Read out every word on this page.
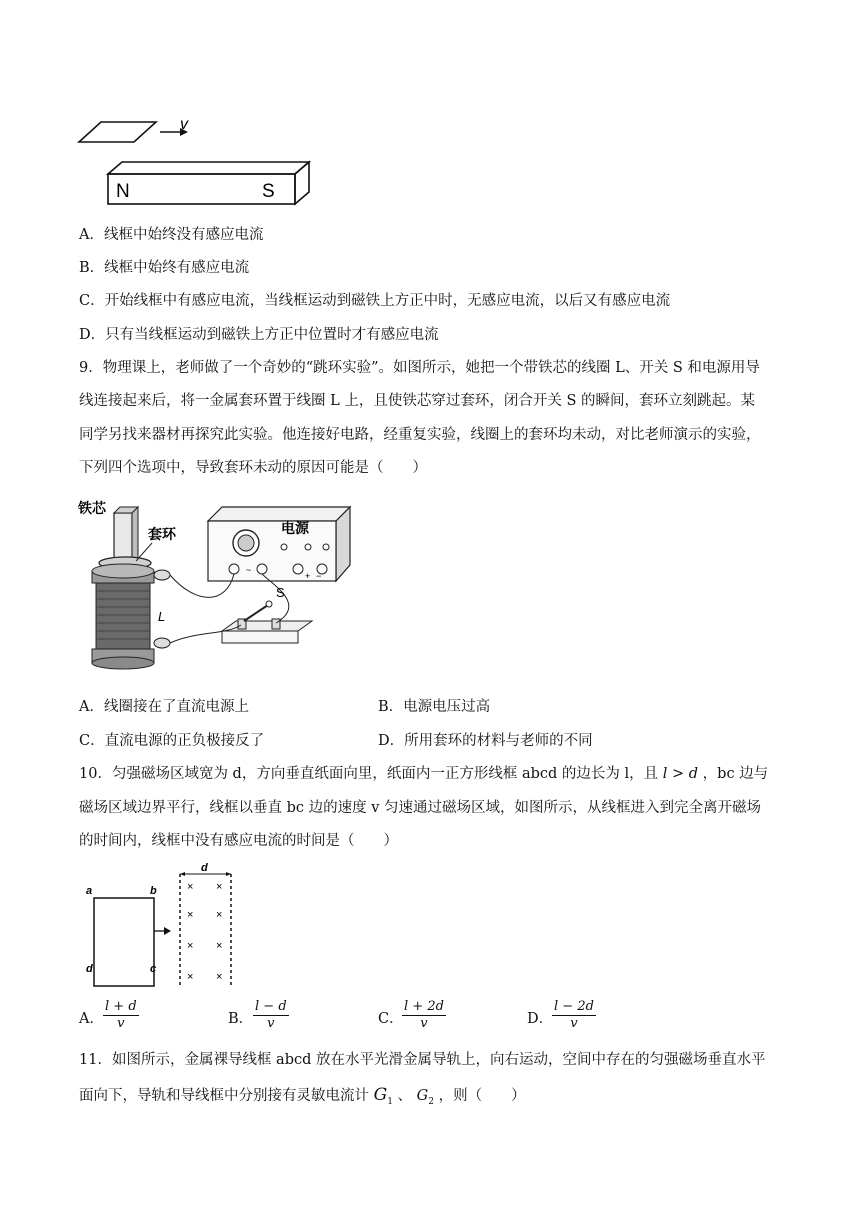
v
N	S
A．线框中始终没有感应电流
B．线框中始终有感应电流
C．开始线框中有感应电流，当线框运动到磁铁上方正中时，无感应电流，以后又有感应电流
D．只有当线框运动到磁铁上方正中位置时才有感应电流
9．物理课上，老师做了一个奇妙的“跳环实验”。如图所示，她把一个带铁芯的线圈 L、开关 S 和电源用导
线连接起来后，将一金属套环置于线圈 L 上，且使铁芯穿过套环，闭合开关 S 的瞬间，套环立刻跳起。某
同学另找来器材再探究此实验。他连接好电路，经重复实验，线圈上的套环均未动，对比老师演示的实验，
下列四个选项中，导致套环未动的原因可能是（　　）
~
+ −
电源
铁芯
套环
L
S
A．线圈接在了直流电源上	B．电源电压过高
C．直流电源的正负极接反了	D．所用套环的材料与老师的不同
10．匀强磁场区域宽为 d，方向垂直纸面向里，纸面内一正方形线框 abcd 的边长为 l，且 l > d ，bc 边与
磁场区域边界平行，线框以垂直 bc 边的速度 v 匀速通过磁场区域，如图所示，从线框进入到完全离开磁场
的时间内，线框中没有感应电流的时间是（　　）
a	b
d	c
d
× ×
× ×
× ×
× ×
A． $\frac{l + d}{v}$	B． $\frac{l - d}{v}$	C．
$\frac{l + 2d}{v}$	D．
$\frac{l - 2d}{v}$
11．如图所示，金属裸导线框 abcd 放在水平光滑金属导轨上，向右运动，空间中存在的匀强磁场垂直水平
面向下，导轨和导线框中分别接有灵敏电流计 $G_1$ 、 $G_2$ ，则（　　）
